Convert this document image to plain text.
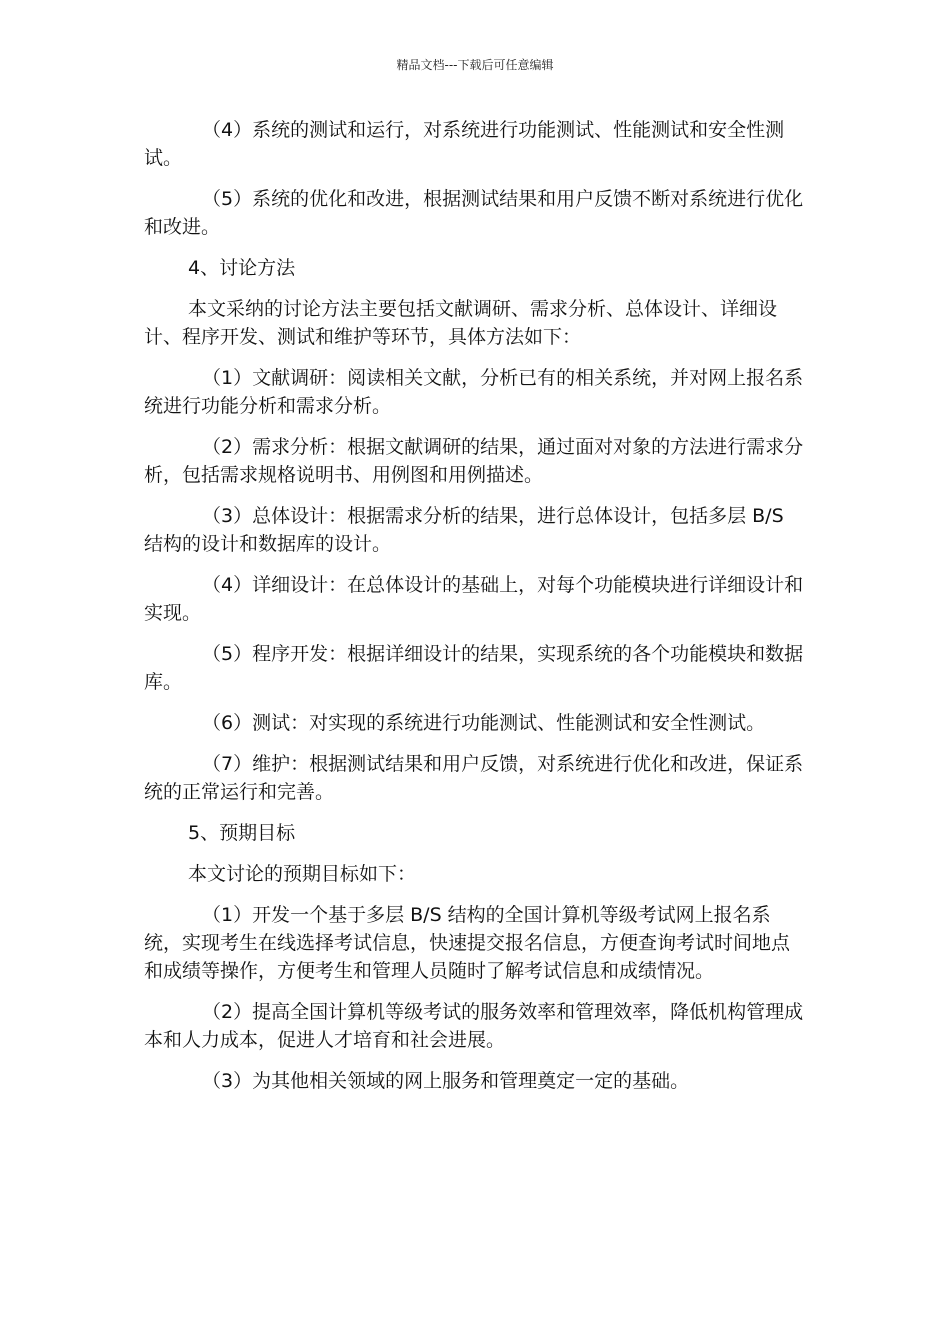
精品文档---下载后可任意编辑

（4）系统的测试和运行，对系统进行功能测试、性能测试和安全性测试。

（5）系统的优化和改进，根据测试结果和用户反馈不断对系统进行优化和改进。

4、讨论方法

本文采纳的讨论方法主要包括文献调研、需求分析、总体设计、详细设计、程序开发、测试和维护等环节，具体方法如下：

（1）文献调研：阅读相关文献，分析已有的相关系统，并对网上报名系统进行功能分析和需求分析。

（2）需求分析：根据文献调研的结果，通过面对对象的方法进行需求分析，包括需求规格说明书、用例图和用例描述。

（3）总体设计：根据需求分析的结果，进行总体设计，包括多层 B/S 结构的设计和数据库的设计。

（4）详细设计：在总体设计的基础上，对每个功能模块进行详细设计和实现。

（5）程序开发：根据详细设计的结果，实现系统的各个功能模块和数据库。

（6）测试：对实现的系统进行功能测试、性能测试和安全性测试。

（7）维护：根据测试结果和用户反馈，对系统进行优化和改进，保证系统的正常运行和完善。

5、预期目标

本文讨论的预期目标如下：

（1）开发一个基于多层 B/S 结构的全国计算机等级考试网上报名系统，实现考生在线选择考试信息，快速提交报名信息，方便查询考试时间地点和成绩等操作，方便考生和管理人员随时了解考试信息和成绩情况。

（2）提高全国计算机等级考试的服务效率和管理效率，降低机构管理成本和人力成本，促进人才培育和社会进展。

（3）为其他相关领域的网上服务和管理奠定一定的基础。
